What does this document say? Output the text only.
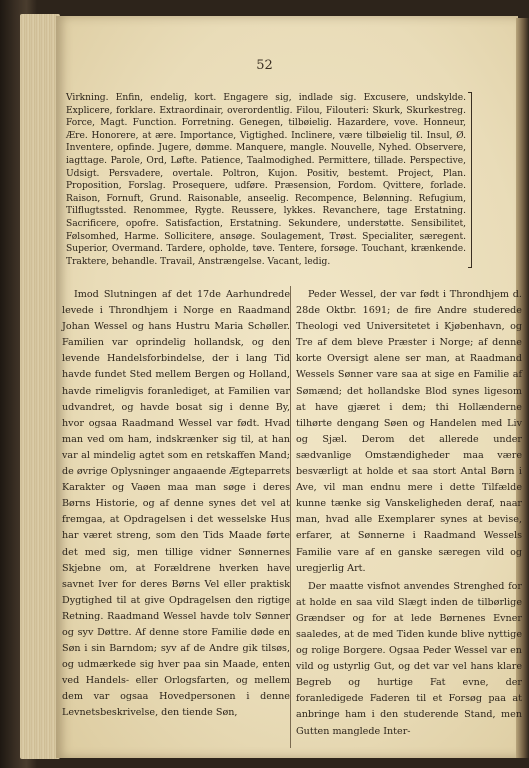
52
Virkning. Enfin, endelig, kort. Engagere sig, indlade sig. Excusere, undskylde. Explicere, forklare. Extraordinair, overordentlig. Filou, Filouteri: Skurk, Skurkestreg. Force, Magt. Function. Forretning. Genegen, tilbøielig. Hazardere, vove. Honneur, Ære. Honorere, at ære. Importance, Vigtighed. Inclinere, være tilbøielig til. Insul, Ø. Inventere, opfinde. Jugere, dømme. Manquere, mangle. Nouvelle, Nyhed. Observere, iagttage. Parole, Ord, Løfte. Patience, Taalmodighed. Permittere, tillade. Perspective, Udsigt. Persvadere, overtale. Poltron, Kujon. Positiv, bestemt. Project, Plan. Proposition, Forslag. Prosequere, udføre. Præsension, Fordom. Qvittere, forlade. Raison, Fornuft, Grund. Raisonable, anseelig. Recompence, Belønning. Refugium, Tilflugtssted. Renommee, Rygte. Reussere, lykkes. Revanchere, tage Erstatning. Sacrificere, opofre. Satisfaction, Erstatning. Sekundere, understøtte. Sensibilitet, Følsomhed, Harme. Sollicitere, ansøge. Soulagement, Trøst. Specialiter, særegent. Superior, Overmand. Tardere, opholde, tøve. Tentere, forsøge. Touchant, krænkende. Traktere, behandle. Travail, Anstrængelse. Vacant, ledig.

Imod Slutningen af det 17de Aarhundrede levede i Throndhjem i Norge en Raadmand Johan Wessel og hans Hustru Maria Schøller. Familien var oprindelig hollandsk, og den levende Handelsforbindelse, der i lang Tid havde fundet Sted mellem Bergen og Holland, havde rimeligvis foranlediget, at Familien var udvandret, og havde bosat sig i denne By, hvor ogsaa Raadmand Wessel var født. Hvad man ved om ham, indskrænker sig til, at han var al mindelig agtet som en retskaffen Mand; de øvrige Oplysninger angaaende Ægteparrets Karakter og Vaøen maa man søge i deres Børns Historie, og af denne synes det vel at fremgaa, at Opdragelsen i det wesselske Hus har været streng, som den Tids Maade førte det med sig, men tillige vidner Sønnernes Skjebne om, at Forældrene hverken have savnet Iver for deres Børns Vel eller praktisk Dygtighed til at give Opdragelsen den rigtige Retning. Raadmand Wessel havde tolv Sønner og syv Døttre. Af denne store Familie døde en Søn i sin Barndom; syv af de Andre gik tilsøs, og udmærkede sig hver paa sin Maade, enten ved Handels- eller Orlogsfarten, og mellem dem var ogsaa Hovedpersonen i denne Levnetsbeskrivelse, den tiende Søn,

Peder Wessel, der var født i Throndhjem d. 28de Oktbr. 1691; de fire Andre studerede Theologi ved Universitetet i Kjøbenhavn, og Tre af dem bleve Præster i Norge; af denne korte Oversigt alene ser man, at Raadmand Wessels Sønner vare saa at sige en Familie af Sømænd; det hollandske Blod synes ligesom at have gjæret i dem; thi Hollænderne tilhørte dengang Søen og Handelen med Liv og Sjæl. Derom det allerede under sædvanlige Omstændigheder maa være besværligt at holde et saa stort Antal Børn i Ave, vil man endnu mere i dette Tilfælde kunne tænke sig Vanskeligheden deraf, naar man, hvad alle Exemplarer synes at bevise, erfarer, at Sønnerne i Raadmand Wessels Familie vare af en ganske særegen vild og uregjerlig Art.

Der maatte visfnot anvendes Strenghed for at holde en saa vild Slægt inden de tilbørlige Grændser og for at lede Børnenes Evner saaledes, at de med Tiden kunde blive nyttige og rolige Borgere. Ogsaa Peder Wessel var en vild og ustyrlig Gut, og det var vel hans klare Begreb og hurtige Fat evne, der foranledigede Faderen til et Forsøg paa at anbringe ham i den studerende Stand, men Gutten manglede Inter-
